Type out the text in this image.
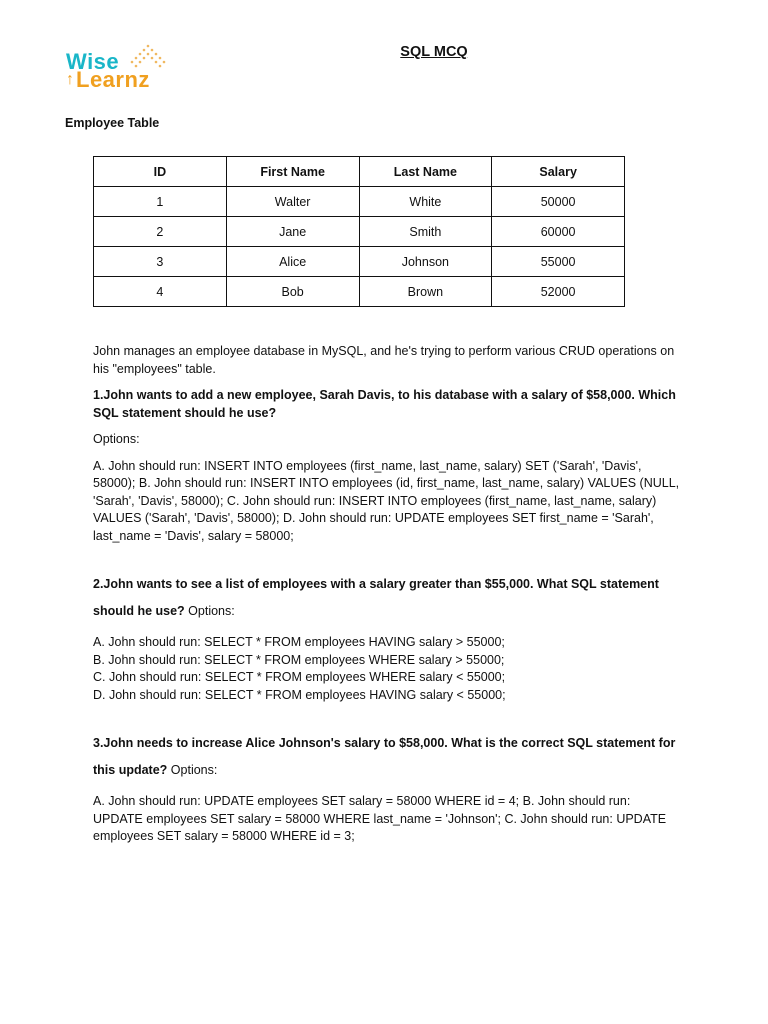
Wise
↑ Learnz
SQL MCQ
Employee Table
ID	First Name	Last Name	Salary
1	Walter	White	50000
2	Jane	Smith	60000
3	Alice	Johnson	55000
4	Bob	Brown	52000

John manages an employee database in MySQL, and he's trying to perform various CRUD operations on his "employees" table.

1.John wants to add a new employee, Sarah Davis, to his database with a salary of $58,000. Which SQL statement should he use?

Options:

A. John should run: INSERT INTO employees (first_name, last_name, salary) SET ('Sarah', 'Davis', 58000); B. John should run: INSERT INTO employees (id, first_name, last_name, salary) VALUES (NULL, 'Sarah', 'Davis', 58000); C. John should run: INSERT INTO employees (first_name, last_name, salary) VALUES ('Sarah', 'Davis', 58000); D. John should run: UPDATE employees SET first_name = 'Sarah', last_name = 'Davis', salary = 58000;

2.John wants to see a list of employees with a salary greater than $55,000. What SQL statement should he use? Options:

A. John should run: SELECT * FROM employees HAVING salary > 55000;

B. John should run: SELECT * FROM employees WHERE salary > 55000;

C. John should run: SELECT * FROM employees WHERE salary < 55000;

D. John should run: SELECT * FROM employees HAVING salary < 55000;

3.John needs to increase Alice Johnson's salary to $58,000. What is the correct SQL statement for this update? Options:

A. John should run: UPDATE employees SET salary = 58000 WHERE id = 4; B. John should run: UPDATE employees SET salary = 58000 WHERE last_name = 'Johnson'; C. John should run: UPDATE employees SET salary = 58000 WHERE id = 3;
